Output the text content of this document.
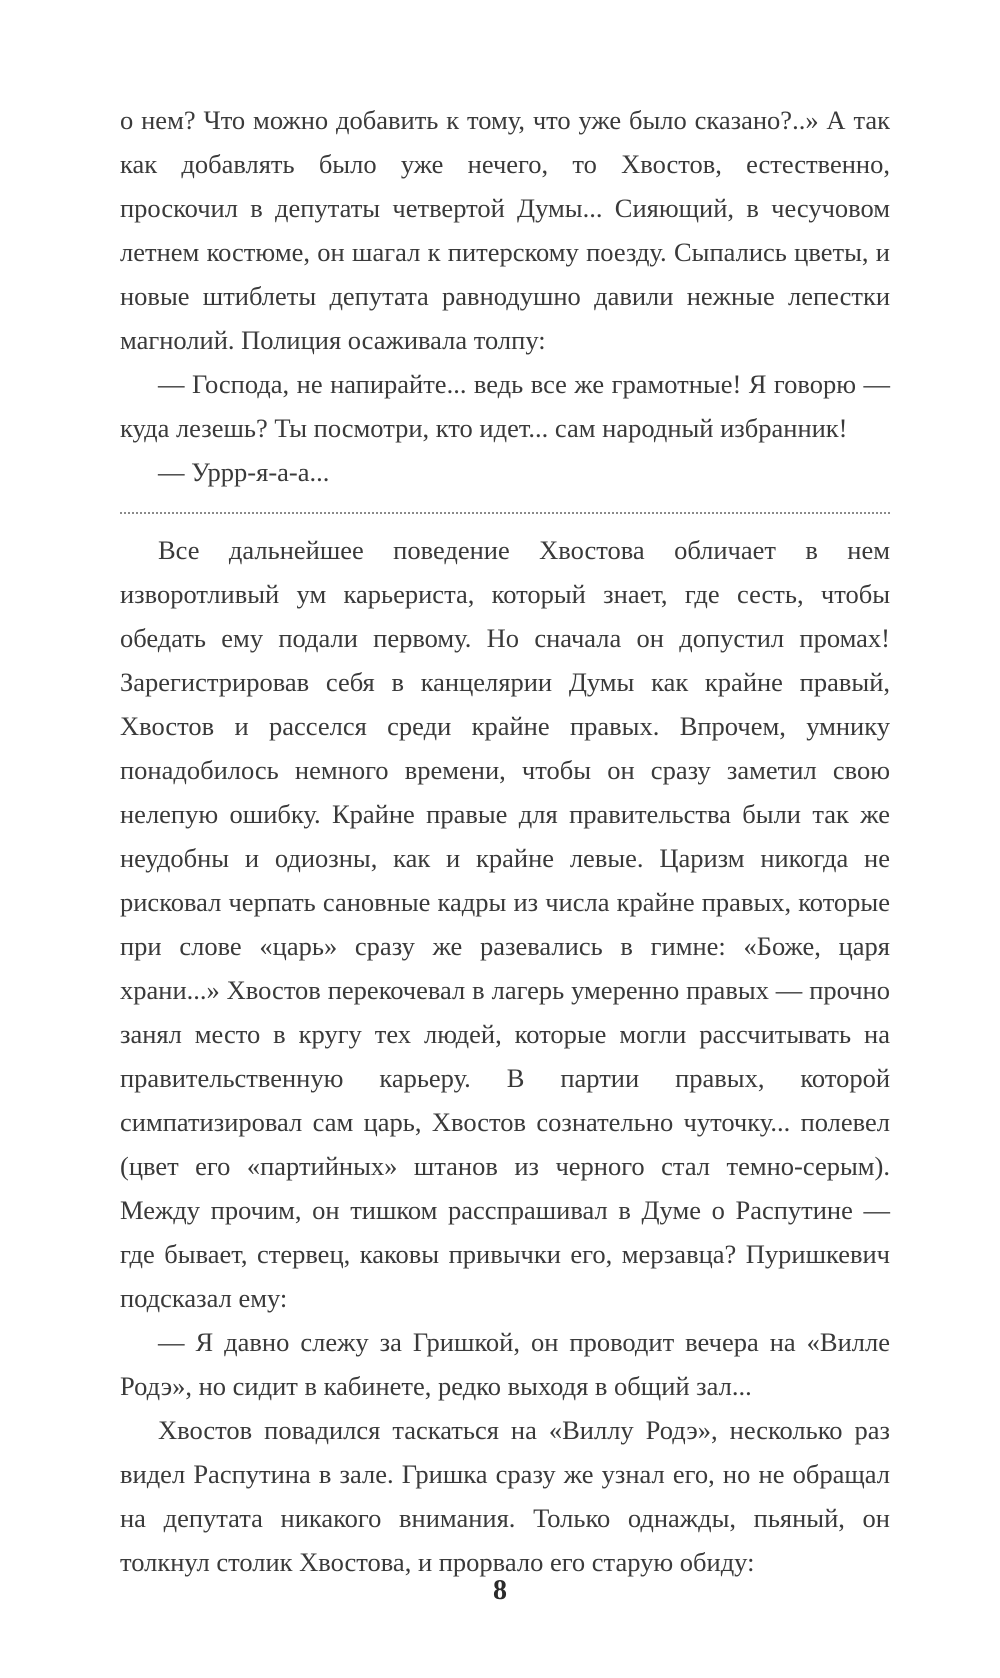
о нем? Что можно добавить к тому, что уже было сказано?..» А так как добавлять было уже нечего, то Хвостов, естественно, проскочил в депутаты четвертой Думы... Сияющий, в чесучовом летнем костюме, он шагал к питерскому поезду. Сыпались цветы, и новые штиблеты депутата равнодушно давили нежные лепестки магнолий. Полиция осаживала толпу:

— Господа, не напирайте... ведь все же грамотные! Я говорю — куда лезешь? Ты посмотри, кто идет... сам народный избранник!

— Уррр-я-а-а...

Все дальнейшее поведение Хвостова обличает в нем изворотливый ум карьериста, который знает, где сесть, чтобы обедать ему подали первому. Но сначала он допустил промах! Зарегистрировав себя в канцелярии Думы как крайне правый, Хвостов и расселся среди крайне правых. Впрочем, умнику понадобилось немного времени, чтобы он сразу заметил свою нелепую ошибку. Крайне правые для правительства были так же неудобны и одиозны, как и крайне левые. Царизм никогда не рисковал черпать сановные кадры из числа крайне правых, которые при слове «царь» сразу же разевались в гимне: «Боже, царя храни...» Хвостов перекочевал в лагерь умеренно правых — прочно занял место в кругу тех людей, которые могли рассчитывать на правительственную карьеру. В партии правых, которой симпатизировал сам царь, Хвостов сознательно чуточку... полевел (цвет его «партийных» штанов из черного стал темно-серым). Между прочим, он тишком расспрашивал в Думе о Распутине — где бывает, стервец, каковы привычки его, мерзавца? Пуришкевич подсказал ему:

— Я давно слежу за Гришкой, он проводит вечера на «Вилле Родэ», но сидит в кабинете, редко выходя в общий зал...

Хвостов повадился таскаться на «Виллу Родэ», несколько раз видел Распутина в зале. Гришка сразу же узнал его, но не обращал на депутата никакого внимания. Только однажды, пьяный, он толкнул столик Хвостова, и прорвало его старую обиду:

8
